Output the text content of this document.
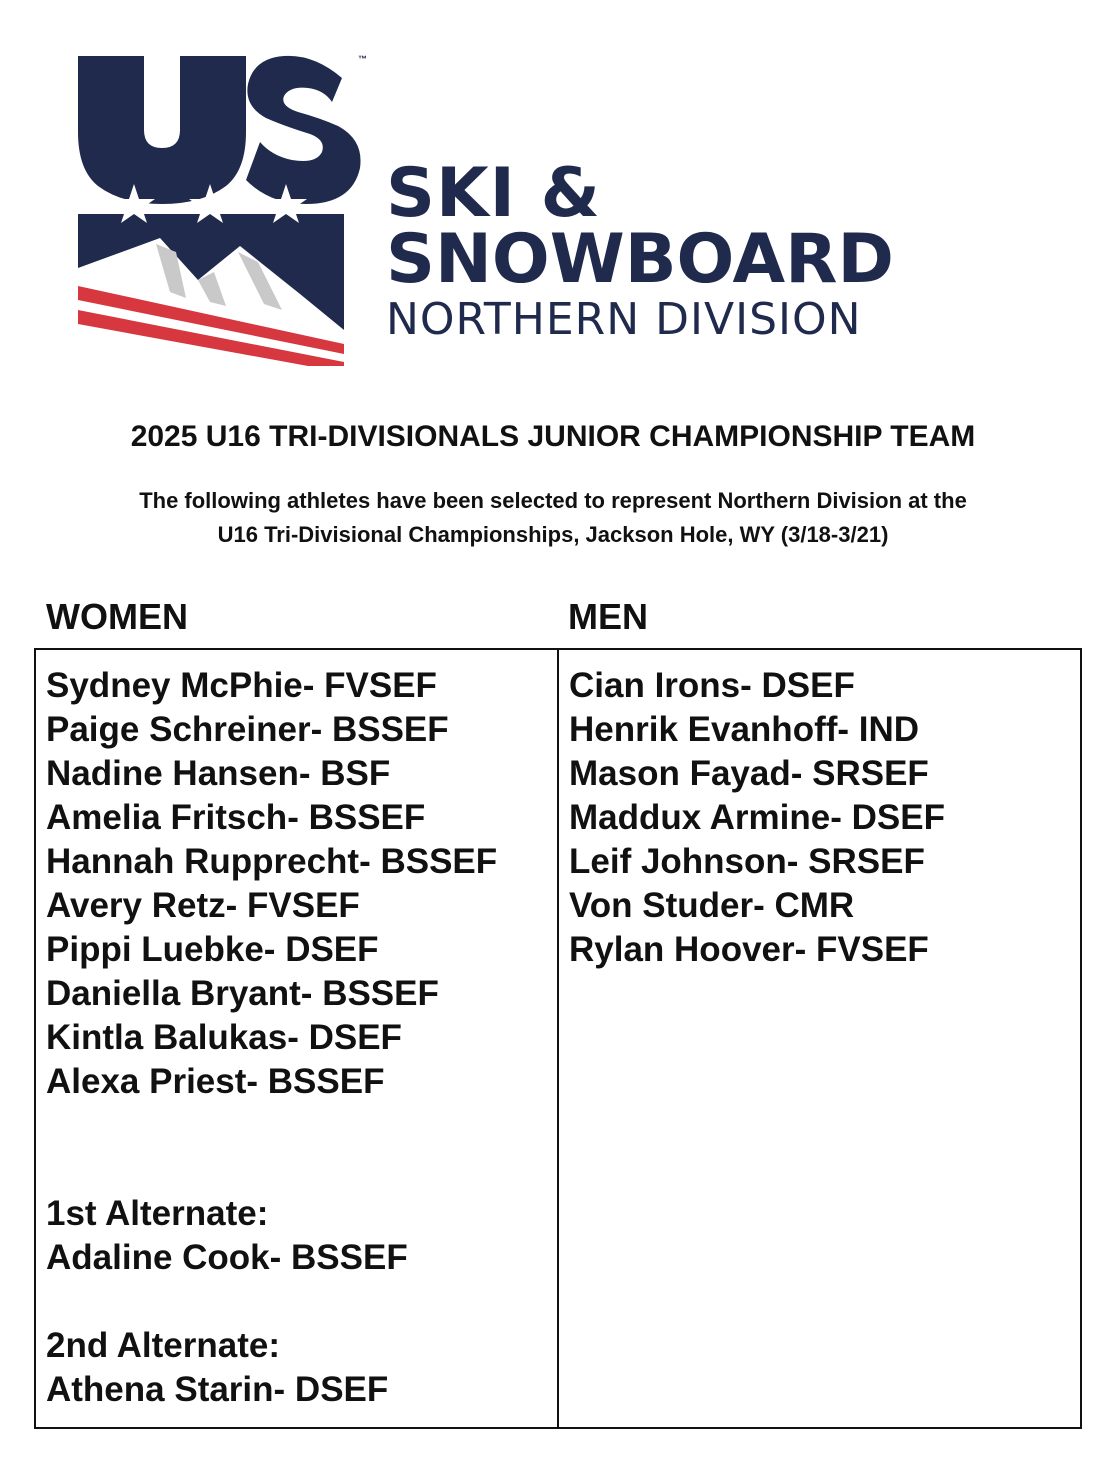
™
SKI &
SNOWBOARD
NORTHERN DIVISION
2025 U16 TRI-DIVISIONALS JUNIOR CHAMPIONSHIP TEAM
The following athletes have been selected to represent Northern Division at the
U16 Tri-Divisional Championships, Jackson Hole, WY (3/18-3/21)
WOMEN	MEN
Sydney McPhie- FVSEF
Paige Schreiner- BSSEF
Nadine Hansen- BSF
Amelia Fritsch- BSSEF
Hannah Rupprecht- BSSEF
Avery Retz- FVSEF
Pippi Luebke- DSEF
Daniella Bryant- BSSEF
Kintla Balukas- DSEF
Alexa Priest- BSSEF
1st Alternate:
Adaline Cook- BSSEF
2nd Alternate:
Athena Starin- DSEF
Cian Irons- DSEF
Henrik Evanhoff- IND
Mason Fayad- SRSEF
Maddux Armine- DSEF
Leif Johnson- SRSEF
Von Studer- CMR
Rylan Hoover- FVSEF
